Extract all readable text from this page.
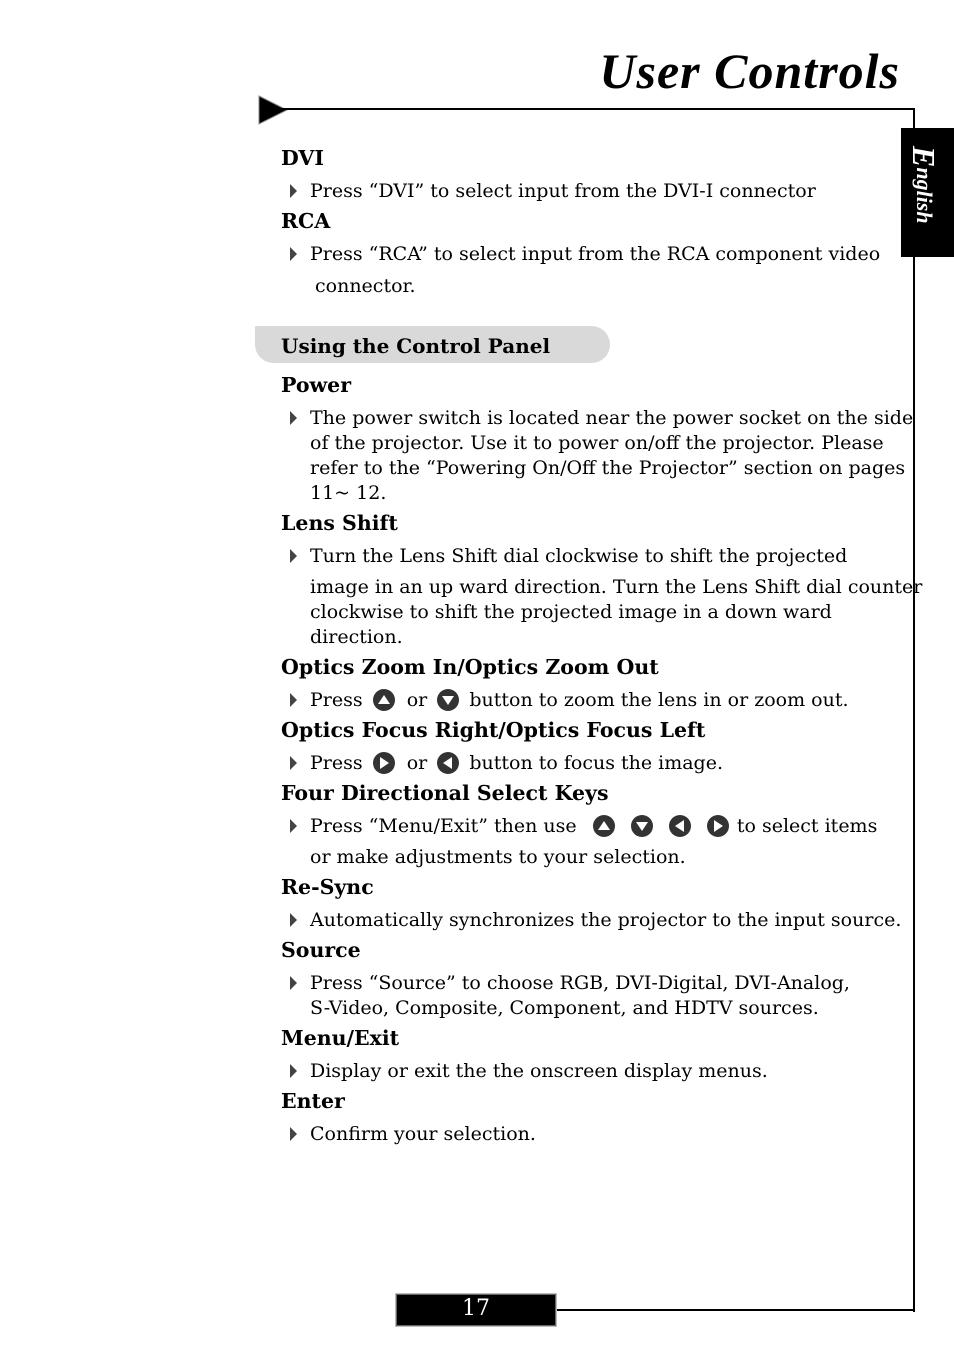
User Controls
English
DVI
Press “DVI” to select input from the DVI-I connector
RCA
Press “RCA” to select input from the RCA component video
connector.
Using the Control Panel
Power
The power switch is located near the power socket on the side
of the projector. Use it to power on/off the projector. Please
refer to the “Powering On/Off the Projector” section on pages
11~ 12.
Lens Shift
Turn the Lens Shift dial clockwise to shift the projected
image in an up ward direction. Turn the Lens Shift dial counter
clockwise to shift the projected image in a down ward
direction.
Optics Zoom In/Optics Zoom Out
Press or button to zoom the lens in or zoom out.
Optics Focus Right/Optics Focus Left
Press or button to focus the image.
Four Directional Select Keys
Press “Menu/Exit” then use

	to select items
or make adjustments to your selection.
Re-Sync
Automatically synchronizes the projector to the input source.
Source
Press “Source” to choose RGB, DVI-Digital, DVI-Analog,
S-Video, Composite, Component, and HDTV sources.
Menu/Exit
Display or exit the the onscreen display menus.
Enter
Confirm your selection.
17
